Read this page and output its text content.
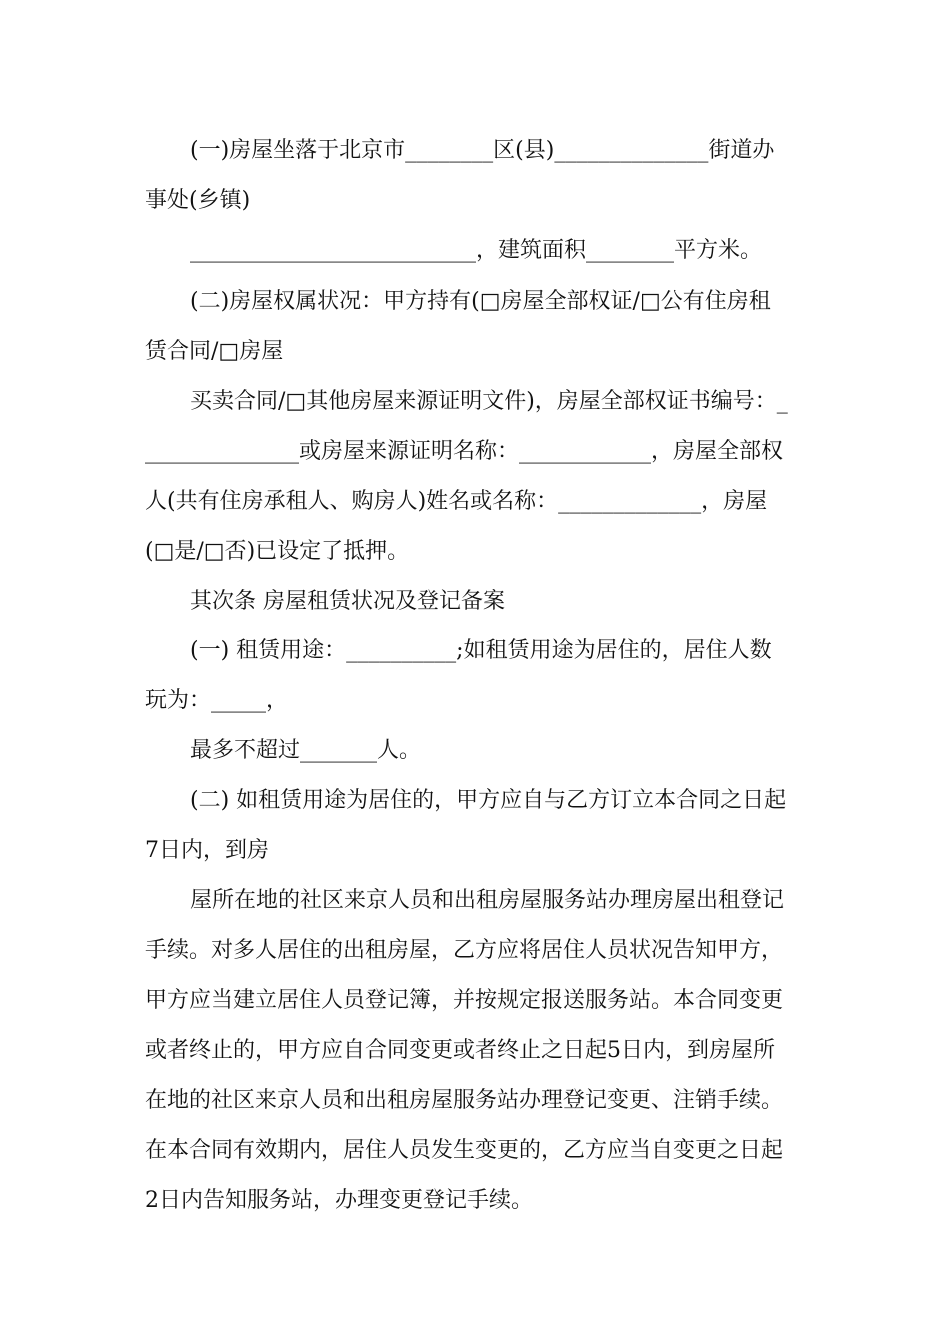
(一)房屋坐落于北京市________区(县)______________街道办
事处(乡镇)
__________________________，建筑面积________平方米。
(二)房屋权属状况：甲方持有(□房屋全部权证/□公有住房租
赁合同/□房屋
买卖合同/□其他房屋来源证明文件)，房屋全部权证书编号：_
______________或房屋来源证明名称：____________，房屋全部权
人(共有住房承租人、购房人)姓名或名称：_____________，房屋
(□是/□否)已设定了抵押。
其次条 房屋租赁状况及登记备案
(一) 租赁用途：__________;如租赁用途为居住的，居住人数
玩为：_____，
最多不超过_______人。
(二) 如租赁用途为居住的，甲方应自与乙方订立本合同之日起
7日内，到房
屋所在地的社区来京人员和出租房屋服务站办理房屋出租登记
手续。对多人居住的出租房屋，乙方应将居住人员状况告知甲方，
甲方应当建立居住人员登记簿，并按规定报送服务站。本合同变更
或者终止的，甲方应自合同变更或者终止之日起5日内，到房屋所
在地的社区来京人员和出租房屋服务站办理登记变更、注销手续。
在本合同有效期内，居住人员发生变更的，乙方应当自变更之日起
2日内告知服务站，办理变更登记手续。
